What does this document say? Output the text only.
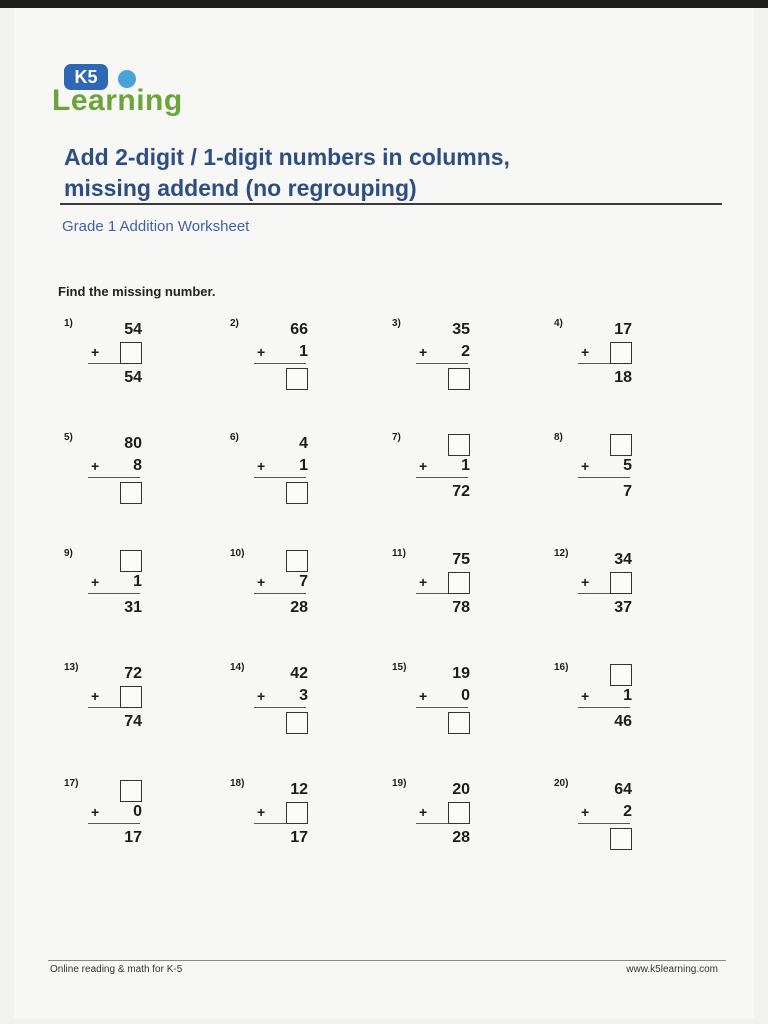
K5
Learning
Add 2-digit / 1-digit numbers in columns,
missing addend (no regrouping)
Grade 1 Addition Worksheet
Find the missing number.
1)
+
54
54
2)
+
66
1
3)
+
35
2
4)
+
17
18
5)
+
80
8
6)
+
4
1
7)
+	1
72
8)
+	5
7
9)
+	1
31
10)
+	7
28
11)
+
75
78
12)
+
34
37
13)
+
72
74
14)
+
42
3
15)
+
19
0
16)
+	1
46
17)
+	0
17
18)
+
12
17
19)
+
20
28
20)
+
64
2
Online reading & math for K-5	www.k5learning.com
